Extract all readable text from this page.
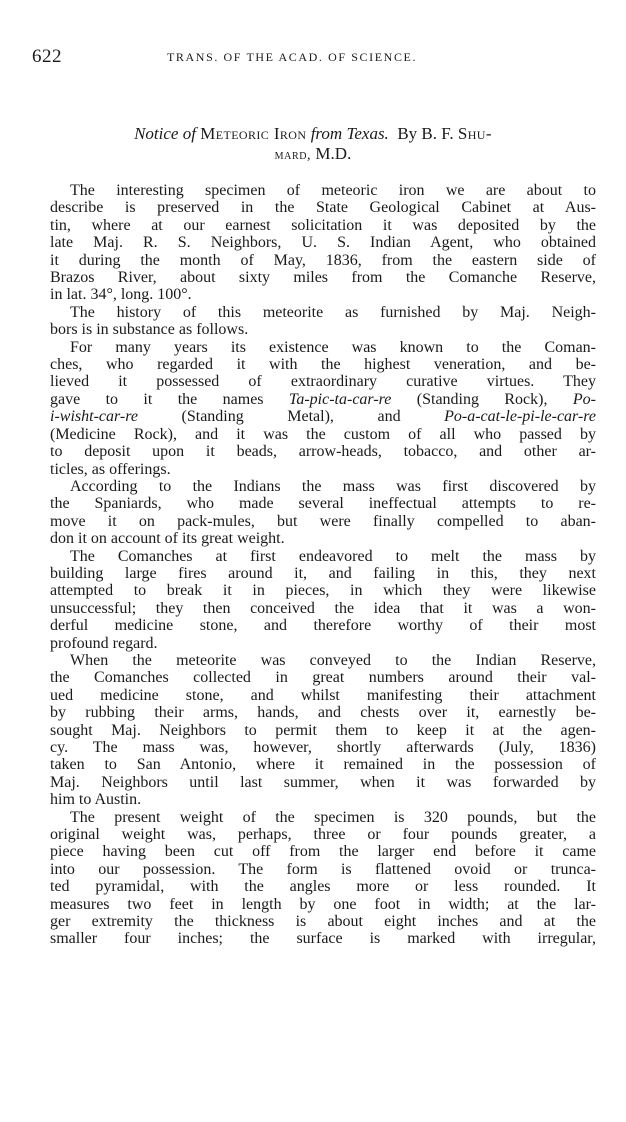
622	TRANS. OF THE ACAD. OF SCIENCE.
Notice of Meteoric Iron from Texas. By B. F. Shu-
mard, M.D.
The interesting specimen of meteoric iron we are about to
describe is preserved in the State Geological Cabinet at Aus-
tin, where at our earnest solicitation it was deposited by the
late Maj. R. S. Neighbors, U. S. Indian Agent, who obtained
it during the month of May, 1836, from the eastern side of
Brazos River, about sixty miles from the Comanche Reserve,
in lat. 34°, long. 100°.
The history of this meteorite as furnished by Maj. Neigh-
bors is in substance as follows.
For many years its existence was known to the Coman-
ches, who regarded it with the highest veneration, and be-
lieved it possessed of extraordinary curative virtues. They
gave to it the names Ta-pic-ta-car-re (Standing Rock), Po-
i-wisht-car-re	(Standing Metal), and	Po-a-cat-le-pi-le-car-re
(Medicine Rock), and it was the custom of all who passed by
to deposit upon it beads, arrow-heads, tobacco, and other ar-
ticles, as offerings.
According to the Indians the mass was first discovered by
the Spaniards, who made several ineffectual attempts to re-
move it on pack-mules, but were finally compelled to aban-
don it on account of its great weight.
The Comanches at first endeavored to melt the mass by
building large fires around it, and failing in this, they next
attempted to break it in pieces, in which they were likewise
unsuccessful; they then conceived the idea that it was a won-
derful medicine stone, and therefore worthy of their most
profound regard.
When the meteorite was conveyed to the Indian Reserve,
the Comanches collected in great numbers around their val-
ued medicine stone, and whilst manifesting their attachment
by rubbing their arms, hands, and chests over it, earnestly be-
sought Maj. Neighbors to permit them to keep it at the agen-
cy. The mass was, however, shortly afterwards (July, 1836)
taken to San Antonio, where it remained in the possession of
Maj. Neighbors until last summer, when it was forwarded by
him to Austin.
The present weight of the specimen is 320 pounds, but the
original weight was, perhaps, three or four pounds greater, a
piece having been cut off from the larger end before it came
into our possession. The form is flattened ovoid or trunca-
ted pyramidal, with the angles more or less rounded. It
measures two feet in length by one foot in width; at the lar-
ger extremity the thickness is about eight inches and at the
smaller four inches; the surface is marked with irregular,
